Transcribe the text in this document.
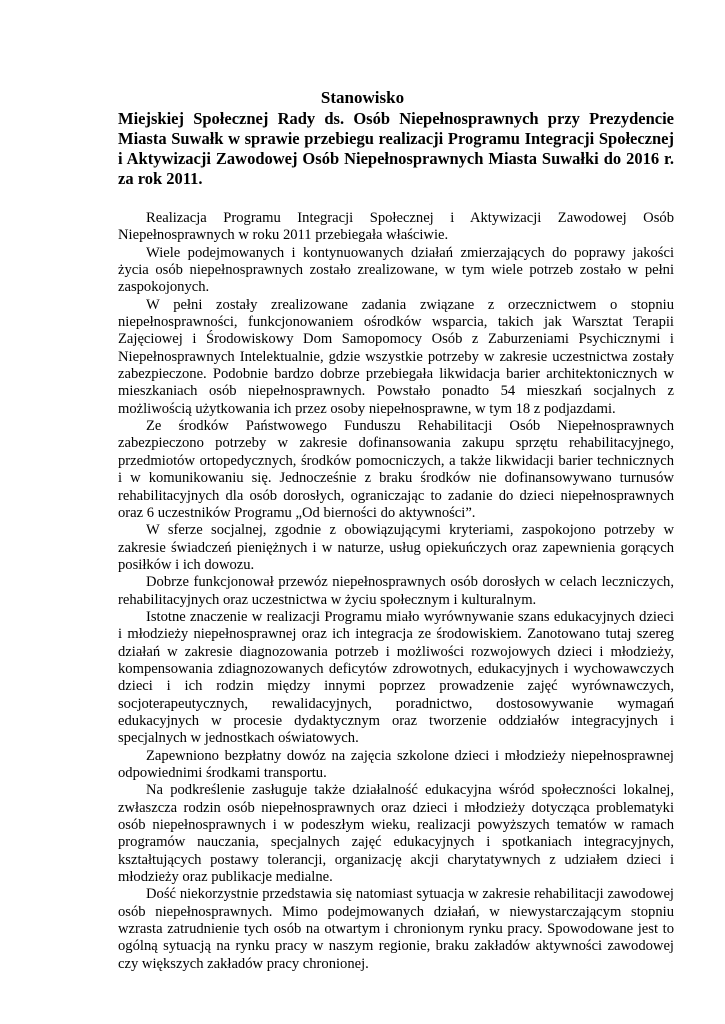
Stanowisko
Miejskiej Społecznej Rady ds. Osób Niepełnosprawnych przy Prezydencie Miasta Suwałk w sprawie przebiegu realizacji Programu Integracji Społecznej i Aktywizacji Zawodowej Osób Niepełnosprawnych Miasta Suwałki do 2016 r. za rok 2011.

Realizacja Programu Integracji Społecznej i Aktywizacji Zawodowej Osób Niepełnosprawnych w roku 2011 przebiegała właściwie.

Wiele podejmowanych i kontynuowanych działań zmierzających do poprawy jakości życia osób niepełnosprawnych zostało zrealizowane, w tym wiele potrzeb zostało w pełni zaspokojonych.

W pełni zostały zrealizowane zadania związane z orzecznictwem o stopniu niepełnosprawności, funkcjonowaniem ośrodków wsparcia, takich jak Warsztat Terapii Zajęciowej i Środowiskowy Dom Samopomocy Osób z Zaburzeniami Psychicznymi i Niepełnosprawnych Intelektualnie, gdzie wszystkie potrzeby w zakresie uczestnictwa zostały zabezpieczone. Podobnie bardzo dobrze przebiegała likwidacja barier architektonicznych w mieszkaniach osób niepełnosprawnych. Powstało ponadto 54 mieszkań socjalnych z możliwością użytkowania ich przez osoby niepełnosprawne, w tym 18 z podjazdami.

Ze środków Państwowego Funduszu Rehabilitacji Osób Niepełnosprawnych zabezpieczono potrzeby w zakresie dofinansowania zakupu sprzętu rehabilitacyjnego, przedmiotów ortopedycznych, środków pomocniczych, a także likwidacji barier technicznych i w komunikowaniu się. Jednocześnie z braku środków nie dofinansowywano turnusów rehabilitacyjnych dla osób dorosłych, ograniczając to zadanie do dzieci niepełnosprawnych oraz 6 uczestników Programu „Od bierności do aktywności”.

W sferze socjalnej, zgodnie z obowiązującymi kryteriami, zaspokojono potrzeby w zakresie świadczeń pieniężnych i w naturze, usług opiekuńczych oraz zapewnienia gorących posiłków i ich dowozu.

Dobrze funkcjonował przewóz niepełnosprawnych osób dorosłych w celach leczniczych, rehabilitacyjnych oraz uczestnictwa w życiu społecznym i kulturalnym.

Istotne znaczenie w realizacji Programu miało wyrównywanie szans edukacyjnych dzieci i młodzieży niepełnosprawnej oraz ich integracja ze środowiskiem. Zanotowano tutaj szereg działań w zakresie diagnozowania potrzeb i możliwości rozwojowych dzieci i młodzieży, kompensowania zdiagnozowanych deficytów zdrowotnych, edukacyjnych i wychowawczych dzieci i ich rodzin między innymi poprzez prowadzenie zajęć wyrównawczych, socjoterapeutycznych, rewalidacyjnych, poradnictwo, dostosowywanie wymagań edukacyjnych w procesie dydaktycznym oraz tworzenie oddziałów integracyjnych i specjalnych w jednostkach oświatowych.

Zapewniono bezpłatny dowóz na zajęcia szkolone dzieci i młodzieży niepełnosprawnej odpowiednimi środkami transportu.

Na podkreślenie zasługuje także działalność edukacyjna wśród społeczności lokalnej, zwłaszcza rodzin osób niepełnosprawnych oraz dzieci i młodzieży dotycząca problematyki osób niepełnosprawnych i w podeszłym wieku, realizacji powyższych tematów w ramach programów nauczania, specjalnych zajęć edukacyjnych i spotkaniach integracyjnych, kształtujących postawy tolerancji, organizację akcji charytatywnych z udziałem dzieci i młodzieży oraz publikacje medialne.

Dość niekorzystnie przedstawia się natomiast sytuacja w zakresie rehabilitacji zawodowej osób niepełnosprawnych. Mimo podejmowanych działań, w niewystarczającym stopniu wzrasta zatrudnienie tych osób na otwartym i chronionym rynku pracy. Spowodowane jest to ogólną sytuacją na rynku pracy w naszym regionie, braku zakładów aktywności zawodowej czy większych zakładów pracy chronionej.
